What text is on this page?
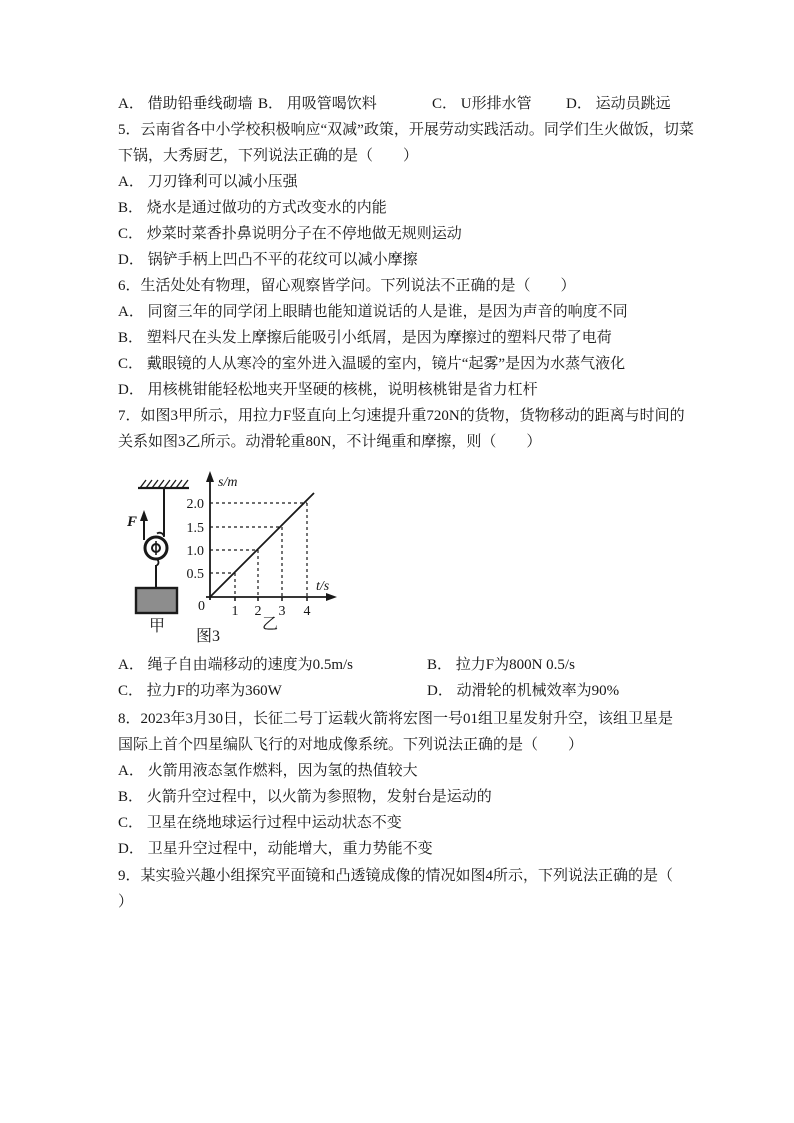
A． 借助铅垂线砌墙 B． 用吸管喝饮料	C． U形排水管 D． 运动员跳远
5．云南省各中小学校积极响应“双减”政策，开展劳动实践活动。同学们生火做饭，切菜
下锅，大秀厨艺，下列说法正确的是（　　）
A． 刀刃锋利可以减小压强
B． 烧水是通过做功的方式改变水的内能
C． 炒菜时菜香扑鼻说明分子在不停地做无规则运动
D． 锅铲手柄上凹凸不平的花纹可以减小摩擦
6．生活处处有物理，留心观察皆学问。下列说法不正确的是（　　）
A． 同窗三年的同学闭上眼睛也能知道说话的人是谁，是因为声音的响度不同
B． 塑料尺在头发上摩擦后能吸引小纸屑，是因为摩擦过的塑料尺带了电荷
C． 戴眼镜的人从寒冷的室外进入温暖的室内，镜片“起雾”是因为水蒸气液化
D． 用核桃钳能轻松地夹开坚硬的核桃，说明核桃钳是省力杠杆
7．如图3甲所示，用拉力F竖直向上匀速提升重720N的货物，货物移动的距离与时间的
关系如图3乙所示。动滑轮重80N，不计绳重和摩擦，则（　　）
A． 绳子自由端移动的速度为0.5m/s	B． 拉力F为800N 0.5/s
C． 拉力F的功率为360W	D． 动滑轮的机械效率为90%
8．2023年3月30日，长征二号丁运载火箭将宏图一号01组卫星发射升空，该组卫星是
国际上首个四星编队飞行的对地成像系统。下列说法正确的是（　　）
A． 火箭用液态氢作燃料，因为氢的热值较大
B． 火箭升空过程中，以火箭为参照物，发射台是运动的
C． 卫星在绕地球运行过程中运动状态不变
D． 卫星升空过程中，动能增大，重力势能不变
9．某实验兴趣小组探究平面镜和凸透镜成像的情况如图4所示，下列说法正确的是（
）
F
甲
s/m
t/s
0
2.0
1.5
1.0
0.5
1 2 3 4
乙
图3
